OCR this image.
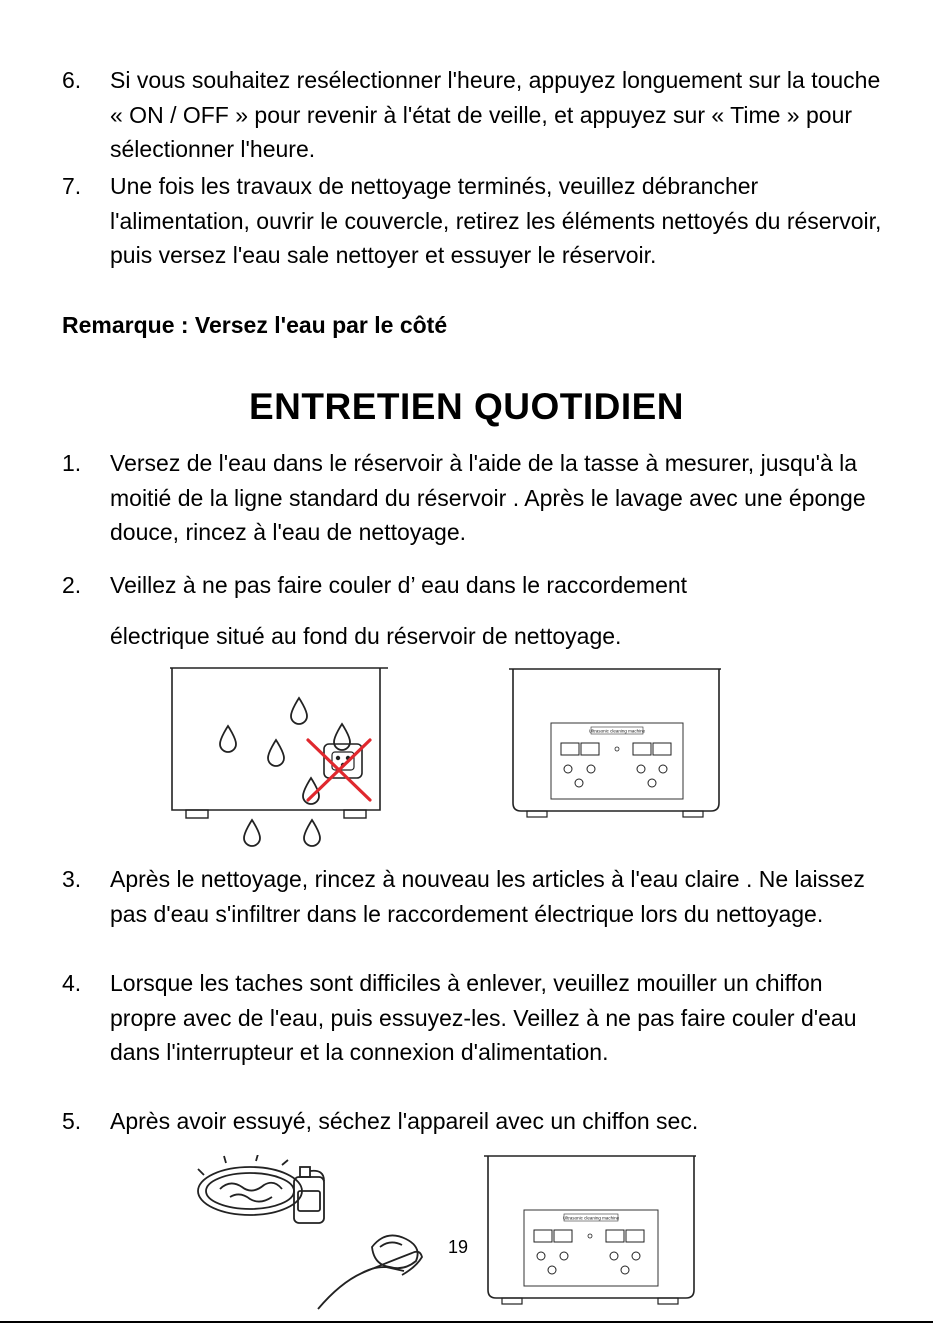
6. Si vous souhaitez resélectionner l'heure, appuyez longuement sur la touche « ON / OFF » pour revenir à l'état de veille, et appuyez sur « Time » pour sélectionner l'heure.
7. Une fois les travaux de nettoyage terminés, veuillez débrancher l'alimentation, ouvrir le couvercle, retirez les éléments nettoyés du réservoir, puis versez l'eau sale nettoyer et essuyer le réservoir.
Remarque : Versez l'eau par le côté
ENTRETIEN QUOTIDIEN
1. Versez de l'eau dans le réservoir à l'aide de la tasse à mesurer, jusqu'à la moitié de la ligne standard du réservoir . Après le lavage avec une éponge douce, rincez à l'eau de nettoyage.
2. Veillez à ne pas faire couler d’ eau dans le raccordement
électrique situé au fond du réservoir de nettoyage.
Ultrasonic cleaning machine
3. Après le nettoyage, rincez à nouveau les articles à l'eau claire . Ne laissez pas d'eau s'infiltrer dans le raccordement électrique lors du nettoyage.
4. Lorsque les taches sont difficiles à enlever, veuillez mouiller un chiffon propre avec de l'eau, puis essuyez-les. Veillez à ne pas faire couler d'eau dans l'interrupteur et la connexion d'alimentation.
5. Après avoir essuyé, séchez l'appareil avec un chiffon sec.
19
Ultrasonic cleaning machine
